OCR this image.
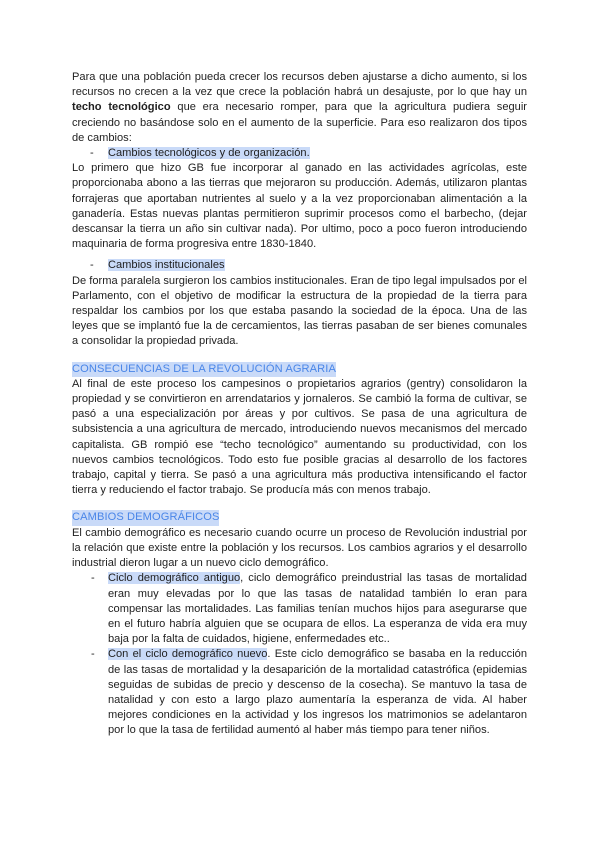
Para que una población pueda crecer los recursos deben ajustarse a dicho aumento, si los recursos no crecen a la vez que crece la población habrá un desajuste, por lo que hay un techo tecnológico que era necesario romper, para que la agricultura pudiera seguir creciendo no basándose solo en el aumento de la superficie. Para eso realizaron dos tipos de cambios:

- Cambios tecnológicos y de organización.

Lo primero que hizo GB fue incorporar al ganado en las actividades agrícolas, este proporcionaba abono a las tierras que mejoraron su producción. Además, utilizaron plantas forrajeras que aportaban nutrientes al suelo y a la vez proporcionaban alimentación a la ganadería. Estas nuevas plantas permitieron suprimir procesos como el barbecho, (dejar descansar la tierra un año sin cultivar nada). Por ultimo, poco a poco fueron introduciendo maquinaria de forma progresiva entre 1830-1840.

- Cambios institucionales

De forma paralela surgieron los cambios institucionales. Eran de tipo legal impulsados por el Parlamento, con el objetivo de modificar la estructura de la propiedad de la tierra para respaldar los cambios por los que estaba pasando la sociedad de la época. Una de las leyes que se implantó fue la de cercamientos, las tierras pasaban de ser bienes comunales a consolidar la propiedad privada.

CONSECUENCIAS DE LA REVOLUCIÓN AGRARIA

Al final de este proceso los campesinos o propietarios agrarios (gentry) consolidaron la propiedad y se convirtieron en arrendatarios y jornaleros. Se cambió la forma de cultivar, se pasó a una especialización por áreas y por cultivos. Se pasa de una agricultura de subsistencia a una agricultura de mercado, introduciendo nuevos mecanismos del mercado capitalista. GB rompió ese “techo tecnológico” aumentando su productividad, con los nuevos cambios tecnológicos. Todo esto fue posible gracias al desarrollo de los factores trabajo, capital y tierra. Se pasó a una agricultura más productiva intensificando el factor tierra y reduciendo el factor trabajo. Se producía más con menos trabajo.

CAMBIOS DEMOGRÁFICOS

El cambio demográfico es necesario cuando ocurre un proceso de Revolución industrial por la relación que existe entre la población y los recursos. Los cambios agrarios y el desarrollo industrial dieron lugar a un nuevo ciclo demográfico.

- Ciclo demográfico antiguo, ciclo demográfico preindustrial las tasas de mortalidad eran muy elevadas por lo que las tasas de natalidad también lo eran para compensar las mortalidades. Las familias tenían muchos hijos para asegurarse que en el futuro habría alguien que se ocupara de ellos. La esperanza de vida era muy baja por la falta de cuidados, higiene, enfermedades etc..
- Con el ciclo demográfico nuevo. Este ciclo demográfico se basaba en la reducción de las tasas de mortalidad y la desaparición de la mortalidad catastrófica (epidemias seguidas de subidas de precio y descenso de la cosecha). Se mantuvo la tasa de natalidad y con esto a largo plazo aumentaría la esperanza de vida. Al haber mejores condiciones en la actividad y los ingresos los matrimonios se adelantaron por lo que la tasa de fertilidad aumentó al haber más tiempo para tener niños.
